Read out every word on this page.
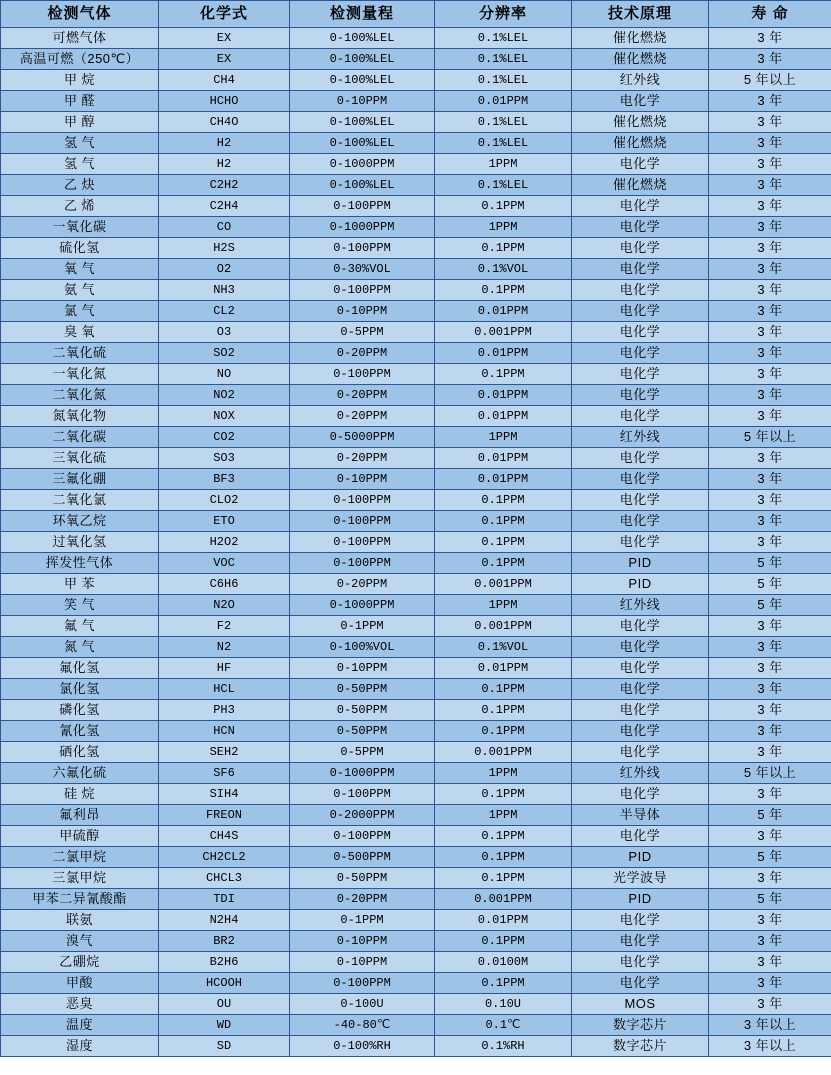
检测气体	化学式	检测量程	分辨率	技术原理	寿 命
可燃气体	EX	0-100%LEL	0.1%LEL	催化燃烧	3 年
高温可燃（250℃）	EX	0-100%LEL	0.1%LEL	催化燃烧	3 年
甲 烷	CH4	0-100%LEL	0.1%LEL	红外线	5 年以上
甲 醛	HCHO	0-10PPM	0.01PPM	电化学	3 年
甲 醇	CH4O	0-100%LEL	0.1%LEL	催化燃烧	3 年
氢 气	H2	0-100%LEL	0.1%LEL	催化燃烧	3 年
氢 气	H2	0-1000PPM	1PPM	电化学	3 年
乙 炔	C2H2	0-100%LEL	0.1%LEL	催化燃烧	3 年
乙 烯	C2H4	0-100PPM	0.1PPM	电化学	3 年
一氧化碳	CO	0-1000PPM	1PPM	电化学	3 年
硫化氢	H2S	0-100PPM	0.1PPM	电化学	3 年
氧 气	O2	0-30%VOL	0.1%VOL	电化学	3 年
氨 气	NH3	0-100PPM	0.1PPM	电化学	3 年
氯 气	CL2	0-10PPM	0.01PPM	电化学	3 年
臭 氧	O3	0-5PPM	0.001PPM	电化学	3 年
二氧化硫	SO2	0-20PPM	0.01PPM	电化学	3 年
一氧化氮	NO	0-100PPM	0.1PPM	电化学	3 年
二氧化氮	NO2	0-20PPM	0.01PPM	电化学	3 年
氮氧化物	NOX	0-20PPM	0.01PPM	电化学	3 年
二氧化碳	CO2	0-5000PPM	1PPM	红外线	5 年以上
三氧化硫	SO3	0-20PPM	0.01PPM	电化学	3 年
三氟化硼	BF3	0-10PPM	0.01PPM	电化学	3 年
二氧化氯	CLO2	0-100PPM	0.1PPM	电化学	3 年
环氧乙烷	ETO	0-100PPM	0.1PPM	电化学	3 年
过氧化氢	H2O2	0-100PPM	0.1PPM	电化学	3 年
挥发性气体	VOC	0-100PPM	0.1PPM	PID	5 年
甲 苯	C6H6	0-20PPM	0.001PPM	PID	5 年
笑 气	N2O	0-1000PPM	1PPM	红外线	5 年
氟 气	F2	0-1PPM	0.001PPM	电化学	3 年
氮 气	N2	0-100%VOL	0.1%VOL	电化学	3 年
氟化氢	HF	0-10PPM	0.01PPM	电化学	3 年
氯化氢	HCL	0-50PPM	0.1PPM	电化学	3 年
磷化氢	PH3	0-50PPM	0.1PPM	电化学	3 年
氰化氢	HCN	0-50PPM	0.1PPM	电化学	3 年
硒化氢	SEH2	0-5PPM	0.001PPM	电化学	3 年
六氟化硫	SF6	0-1000PPM	1PPM	红外线	5 年以上
硅 烷	SIH4	0-100PPM	0.1PPM	电化学	3 年
氟利昂	FREON	0-2000PPM	1PPM	半导体	5 年
甲硫醇	CH4S	0-100PPM	0.1PPM	电化学	3 年
二氯甲烷	CH2CL2	0-500PPM	0.1PPM	PID	5 年
三氯甲烷	CHCL3	0-50PPM	0.1PPM	光学波导	3 年
甲苯二异氰酸酯	TDI	0-20PPM	0.001PPM	PID	5 年
联氨	N2H4	0-1PPM	0.01PPM	电化学	3 年
溴气	BR2	0-10PPM	0.1PPM	电化学	3 年
乙硼烷	B2H6	0-10PPM	0.0100M	电化学	3 年
甲酸	HCOOH	0-100PPM	0.1PPM	电化学	3 年
恶臭	OU	0-100U	0.10U	MOS	3 年
温度	WD	-40-80℃	0.1℃	数字芯片	3 年以上
湿度	SD	0-100%RH	0.1%RH	数字芯片	3 年以上
